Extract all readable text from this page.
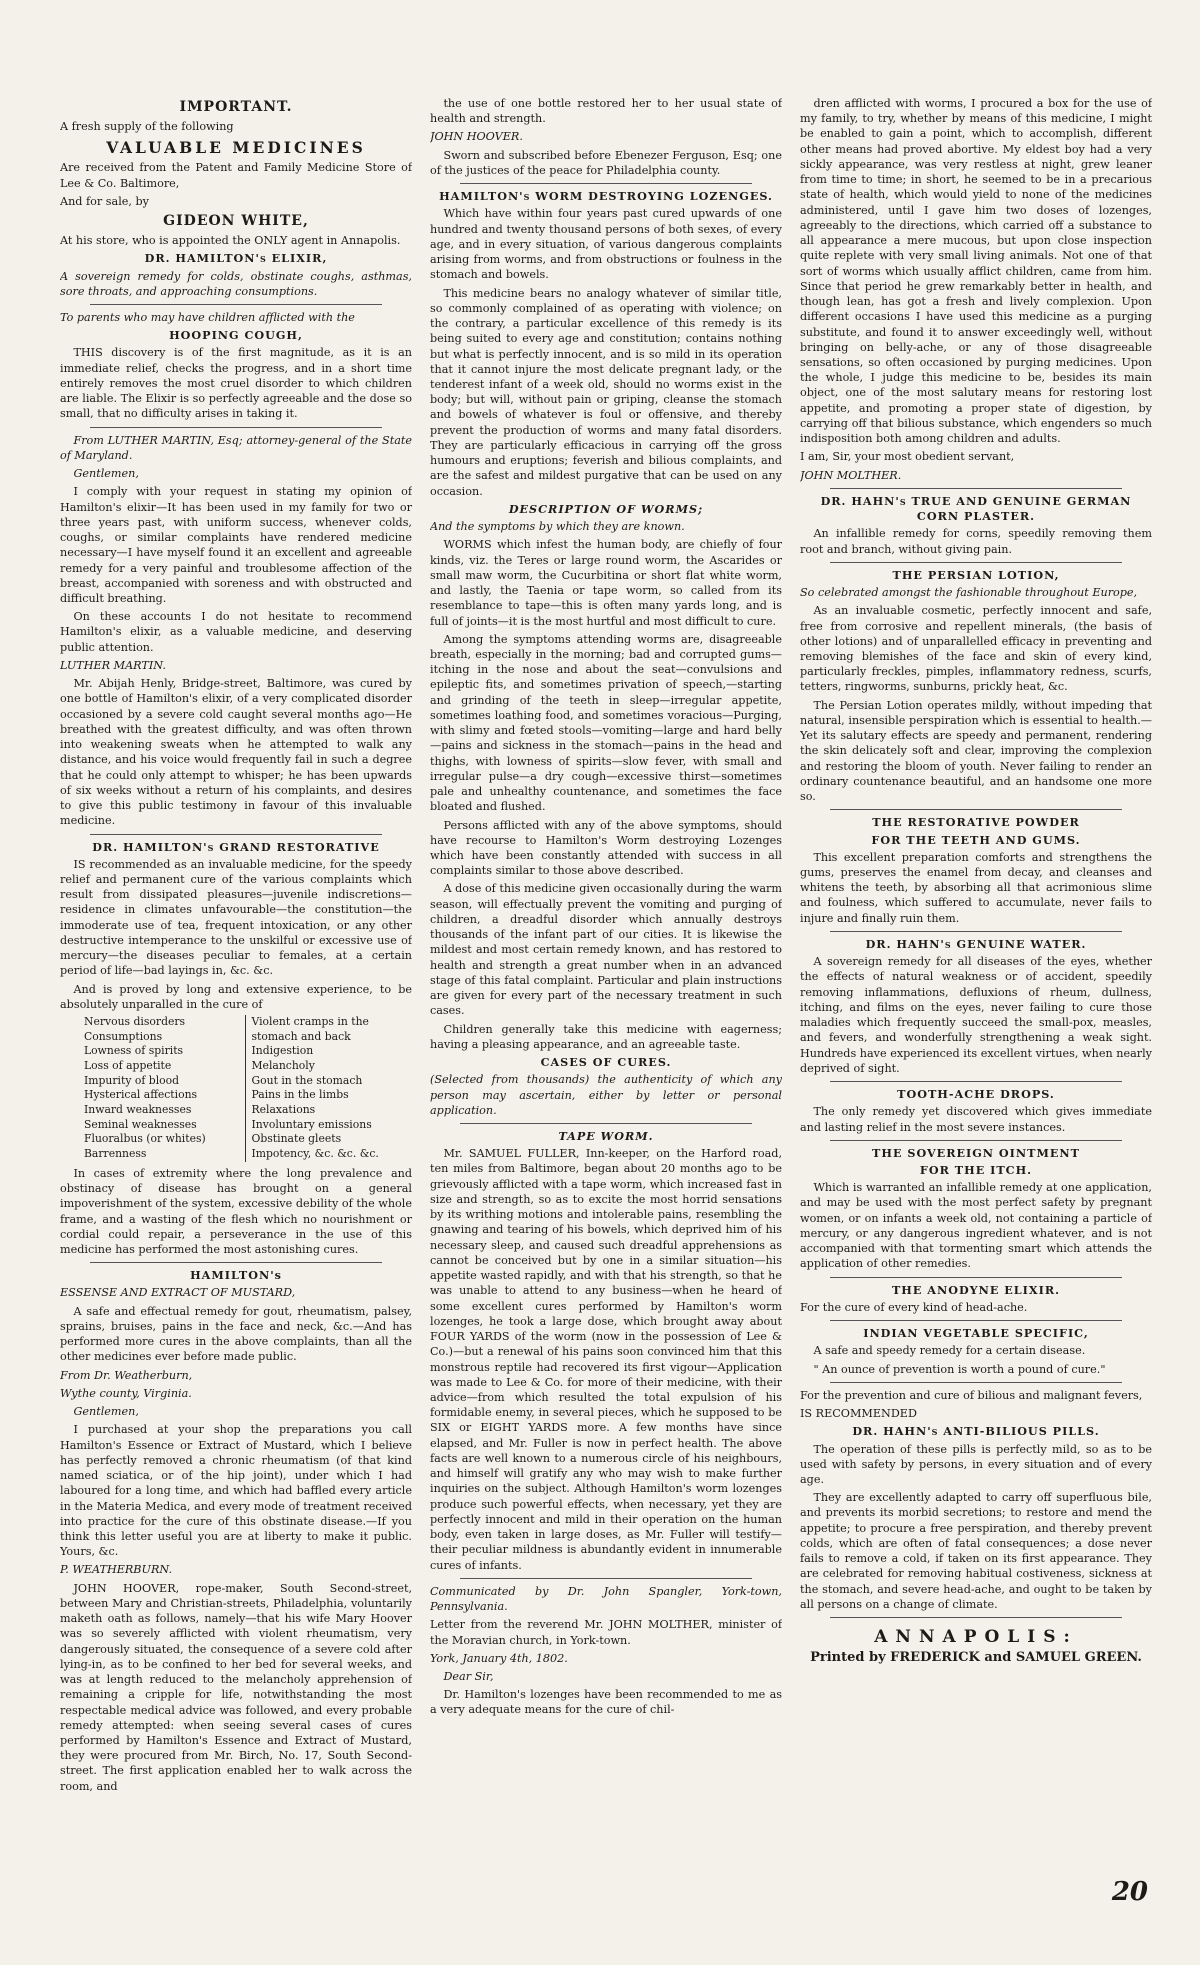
IMPORTANT.

A fresh supply of the following

VALUABLE MEDICINES

Are received from the Patent and Family Medicine Store of Lee & Co. Baltimore,

And for sale, by

GIDEON WHITE,

At his store, who is appointed the ONLY agent in Annapolis.

DR. HAMILTON's ELIXIR,

A sovereign remedy for colds, obstinate coughs, asthmas, sore throats, and approaching consumptions.

To parents who may have children afflicted with the

HOOPING COUGH,

THIS discovery is of the first magnitude, as it is an immediate relief, checks the progress, and in a short time entirely removes the most cruel disorder to which children are liable. The Elixir is so perfectly agreeable and the dose so small, that no difficulty arises in taking it.

From LUTHER MARTIN, Esq; attorney-general of the State of Maryland.

Gentlemen,

I comply with your request in stating my opinion of Hamilton's elixir—It has been used in my family for two or three years past, with uniform success, whenever colds, coughs, or similar complaints have rendered medicine necessary—I have myself found it an excellent and agreeable remedy for a very painful and troublesome affection of the breast, accompanied with soreness and with obstructed and difficult breathing.

On these accounts I do not hesitate to recommend Hamilton's elixir, as a valuable medicine, and deserving public attention.

LUTHER MARTIN.

Mr. Abijah Henly, Bridge-street, Baltimore, was cured by one bottle of Hamilton's elixir, of a very complicated disorder occasioned by a severe cold caught several months ago—He breathed with the greatest difficulty, and was often thrown into weakening sweats when he attempted to walk any distance, and his voice would frequently fail in such a degree that he could only attempt to whisper; he has been upwards of six weeks without a return of his complaints, and desires to give this public testimony in favour of this invaluable medicine.

DR. HAMILTON's GRAND RESTORATIVE

IS recommended as an invaluable medicine, for the speedy relief and permanent cure of the various complaints which result from dissipated pleasures—juvenile indiscretions—residence in climates unfavourable—the constitution—the immoderate use of tea, frequent intoxication, or any other destructive intemperance to the unskilful or excessive use of mercury—the diseases peculiar to females, at a certain period of life—bad layings in, &c. &c.

And is proved by long and extensive experience, to be absolutely unparalled in the cure of

Nervous disorders
Consumptions
Lowness of spirits
Loss of appetite
Impurity of blood
Hysterical affections
Inward weaknesses
Seminal weaknesses
Fluoralbus (or whites)
Barrenness
Violent cramps in the stomach and back
Indigestion
Melancholy
Gout in the stomach
Pains in the limbs
Relaxations
Involuntary emissions
Obstinate gleets
Impotency, &c. &c. &c.

In cases of extremity where the long prevalence and obstinacy of disease has brought on a general impoverishment of the system, excessive debility of the whole frame, and a wasting of the flesh which no nourishment or cordial could repair, a perseverance in the use of this medicine has performed the most astonishing cures.

HAMILTON's

ESSENSE AND EXTRACT OF MUSTARD,

A safe and effectual remedy for gout, rheumatism, palsey, sprains, bruises, pains in the face and neck, &c.—And has performed more cures in the above complaints, than all the other medicines ever before made public.

From Dr. Weatherburn,

Wythe county, Virginia.

Gentlemen,

I purchased at your shop the preparations you call Hamilton's Essence or Extract of Mustard, which I believe has perfectly removed a chronic rheumatism (of that kind named sciatica, or of the hip joint), under which I had laboured for a long time, and which had baffled every article in the Materia Medica, and every mode of treatment received into practice for the cure of this obstinate disease.—If you think this letter useful you are at liberty to make it public. Yours, &c.

P. WEATHERBURN.

JOHN HOOVER, rope-maker, South Second-street, between Mary and Christian-streets, Philadelphia, voluntarily maketh oath as follows, namely—that his wife Mary Hoover was so severely afflicted with violent rheumatism, very dangerously situated, the consequence of a severe cold after lying-in, as to be confined to her bed for several weeks, and was at length reduced to the melancholy apprehension of remaining a cripple for life, notwithstanding the most respectable medical advice was followed, and every probable remedy attempted: when seeing several cases of cures performed by Hamilton's Essence and Extract of Mustard, they were procured from Mr. Birch, No. 17, South Second-street. The first application enabled her to walk across the room, and

the use of one bottle restored her to her usual state of health and strength.

JOHN HOOVER.

Sworn and subscribed before Ebenezer Ferguson, Esq; one of the justices of the peace for Philadelphia county.

HAMILTON's WORM DESTROYING LOZENGES.

Which have within four years past cured upwards of one hundred and twenty thousand persons of both sexes, of every age, and in every situation, of various dangerous complaints arising from worms, and from obstructions or foulness in the stomach and bowels.

This medicine bears no analogy whatever of similar title, so commonly complained of as operating with violence; on the contrary, a particular excellence of this remedy is its being suited to every age and constitution; contains nothing but what is perfectly innocent, and is so mild in its operation that it cannot injure the most delicate pregnant lady, or the tenderest infant of a week old, should no worms exist in the body; but will, without pain or griping, cleanse the stomach and bowels of whatever is foul or offensive, and thereby prevent the production of worms and many fatal disorders. They are particularly efficacious in carrying off the gross humours and eruptions; feverish and bilious complaints, and are the safest and mildest purgative that can be used on any occasion.

DESCRIPTION OF WORMS;

And the symptoms by which they are known.

WORMS which infest the human body, are chiefly of four kinds, viz. the Teres or large round worm, the Ascarides or small maw worm, the Cucurbitina or short flat white worm, and lastly, the Taenia or tape worm, so called from its resemblance to tape—this is often many yards long, and is full of joints—it is the most hurtful and most difficult to cure.

Among the symptoms attending worms are, disagreeable breath, especially in the morning; bad and corrupted gums—itching in the nose and about the seat—convulsions and epileptic fits, and sometimes privation of speech,—starting and grinding of the teeth in sleep—irregular appetite, sometimes loathing food, and sometimes voracious—Purging, with slimy and fœted stools—vomiting—large and hard belly—pains and sickness in the stomach—pains in the head and thighs, with lowness of spirits—slow fever, with small and irregular pulse—a dry cough—excessive thirst—sometimes pale and unhealthy countenance, and sometimes the face bloated and flushed.

Persons afflicted with any of the above symptoms, should have recourse to Hamilton's Worm destroying Lozenges which have been constantly attended with success in all complaints similar to those above described.

A dose of this medicine given occasionally during the warm season, will effectually prevent the vomiting and purging of children, a dreadful disorder which annually destroys thousands of the infant part of our cities. It is likewise the mildest and most certain remedy known, and has restored to health and strength a great number when in an advanced stage of this fatal complaint. Particular and plain instructions are given for every part of the necessary treatment in such cases.

Children generally take this medicine with eagerness; having a pleasing appearance, and an agreeable taste.

CASES OF CURES.

(Selected from thousands) the authenticity of which any person may ascertain, either by letter or personal application.

TAPE WORM.

Mr. SAMUEL FULLER, Inn-keeper, on the Harford road, ten miles from Baltimore, began about 20 months ago to be grievously afflicted with a tape worm, which increased fast in size and strength, so as to excite the most horrid sensations by its writhing motions and intolerable pains, resembling the gnawing and tearing of his bowels, which deprived him of his necessary sleep, and caused such dreadful apprehensions as cannot be conceived but by one in a similar situation—his appetite wasted rapidly, and with that his strength, so that he was unable to attend to any business—when he heard of some excellent cures performed by Hamilton's worm lozenges, he took a large dose, which brought away about FOUR YARDS of the worm (now in the possession of Lee & Co.)—but a renewal of his pains soon convinced him that this monstrous reptile had recovered its first vigour—Application was made to Lee & Co. for more of their medicine, with their advice—from which resulted the total expulsion of his formidable enemy, in several pieces, which he supposed to be SIX or EIGHT YARDS more. A few months have since elapsed, and Mr. Fuller is now in perfect health. The above facts are well known to a numerous circle of his neighbours, and himself will gratify any who may wish to make further inquiries on the subject. Although Hamilton's worm lozenges produce such powerful effects, when necessary, yet they are perfectly innocent and mild in their operation on the human body, even taken in large doses, as Mr. Fuller will testify—their peculiar mildness is abundantly evident in innumerable cures of infants.

Communicated by Dr. John Spangler, York-town, Pennsylvania.

Letter from the reverend Mr. JOHN MOLTHER, minister of the Moravian church, in York-town.

York, January 4th, 1802.

Dear Sir,

Dr. Hamilton's lozenges have been recommended to me as a very adequate means for the cure of chil-

dren afflicted with worms, I procured a box for the use of my family, to try, whether by means of this medicine, I might be enabled to gain a point, which to accomplish, different other means had proved abortive. My eldest boy had a very sickly appearance, was very restless at night, grew leaner from time to time; in short, he seemed to be in a precarious state of health, which would yield to none of the medicines administered, until I gave him two doses of lozenges, agreeably to the directions, which carried off a substance to all appearance a mere mucous, but upon close inspection quite replete with very small living animals. Not one of that sort of worms which usually afflict children, came from him. Since that period he grew remarkably better in health, and though lean, has got a fresh and lively complexion. Upon different occasions I have used this medicine as a purging substitute, and found it to answer exceedingly well, without bringing on belly-ache, or any of those disagreeable sensations, so often occasioned by purging medicines. Upon the whole, I judge this medicine to be, besides its main object, one of the most salutary means for restoring lost appetite, and promoting a proper state of digestion, by carrying off that bilious substance, which engenders so much indisposition both among children and adults.

I am, Sir, your most obedient servant,

JOHN MOLTHER.

DR. HAHN's TRUE AND GENUINE GERMAN CORN PLASTER.

An infallible remedy for corns, speedily removing them root and branch, without giving pain.

THE PERSIAN LOTION,

So celebrated amongst the fashionable throughout Europe,

As an invaluable cosmetic, perfectly innocent and safe, free from corrosive and repellent minerals, (the basis of other lotions) and of unparallelled efficacy in preventing and removing blemishes of the face and skin of every kind, particularly freckles, pimples, inflammatory redness, scurfs, tetters, ringworms, sunburns, prickly heat, &c.

The Persian Lotion operates mildly, without impeding that natural, insensible perspiration which is essential to health.—Yet its salutary effects are speedy and permanent, rendering the skin delicately soft and clear, improving the complexion and restoring the bloom of youth. Never failing to render an ordinary countenance beautiful, and an handsome one more so.

THE RESTORATIVE POWDER
FOR THE TEETH AND GUMS.

This excellent preparation comforts and strengthens the gums, preserves the enamel from decay, and cleanses and whitens the teeth, by absorbing all that acrimonious slime and foulness, which suffered to accumulate, never fails to injure and finally ruin them.

DR. HAHN's GENUINE WATER.

A sovereign remedy for all diseases of the eyes, whether the effects of natural weakness or of accident, speedily removing inflammations, defluxions of rheum, dullness, itching, and films on the eyes, never failing to cure those maladies which frequently succeed the small-pox, measles, and fevers, and wonderfully strengthening a weak sight. Hundreds have experienced its excellent virtues, when nearly deprived of sight.

TOOTH-ACHE DROPS.

The only remedy yet discovered which gives immediate and lasting relief in the most severe instances.

THE SOVEREIGN OINTMENT
FOR THE ITCH.

Which is warranted an infallible remedy at one application, and may be used with the most perfect safety by pregnant women, or on infants a week old, not containing a particle of mercury, or any dangerous ingredient whatever, and is not accompanied with that tormenting smart which attends the application of other remedies.

THE ANODYNE ELIXIR.

For the cure of every kind of head-ache.

INDIAN VEGETABLE SPECIFIC,

A safe and speedy remedy for a certain disease.

" An ounce of prevention is worth a pound of cure."

For the prevention and cure of bilious and malignant fevers,

IS RECOMMENDED

DR. HAHN's ANTI-BILIOUS PILLS.

The operation of these pills is perfectly mild, so as to be used with safety by persons, in every situation and of every age.

They are excellently adapted to carry off superfluous bile, and prevents its morbid secretions; to restore and mend the appetite; to procure a free perspiration, and thereby prevent colds, which are often of fatal consequences; a dose never fails to remove a cold, if taken on its first appearance. They are celebrated for removing habitual costiveness, sickness at the stomach, and severe head-ache, and ought to be taken by all persons on a change of climate.

ANNAPOLIS:
Printed by FREDERICK and SAMUEL GREEN.
20
